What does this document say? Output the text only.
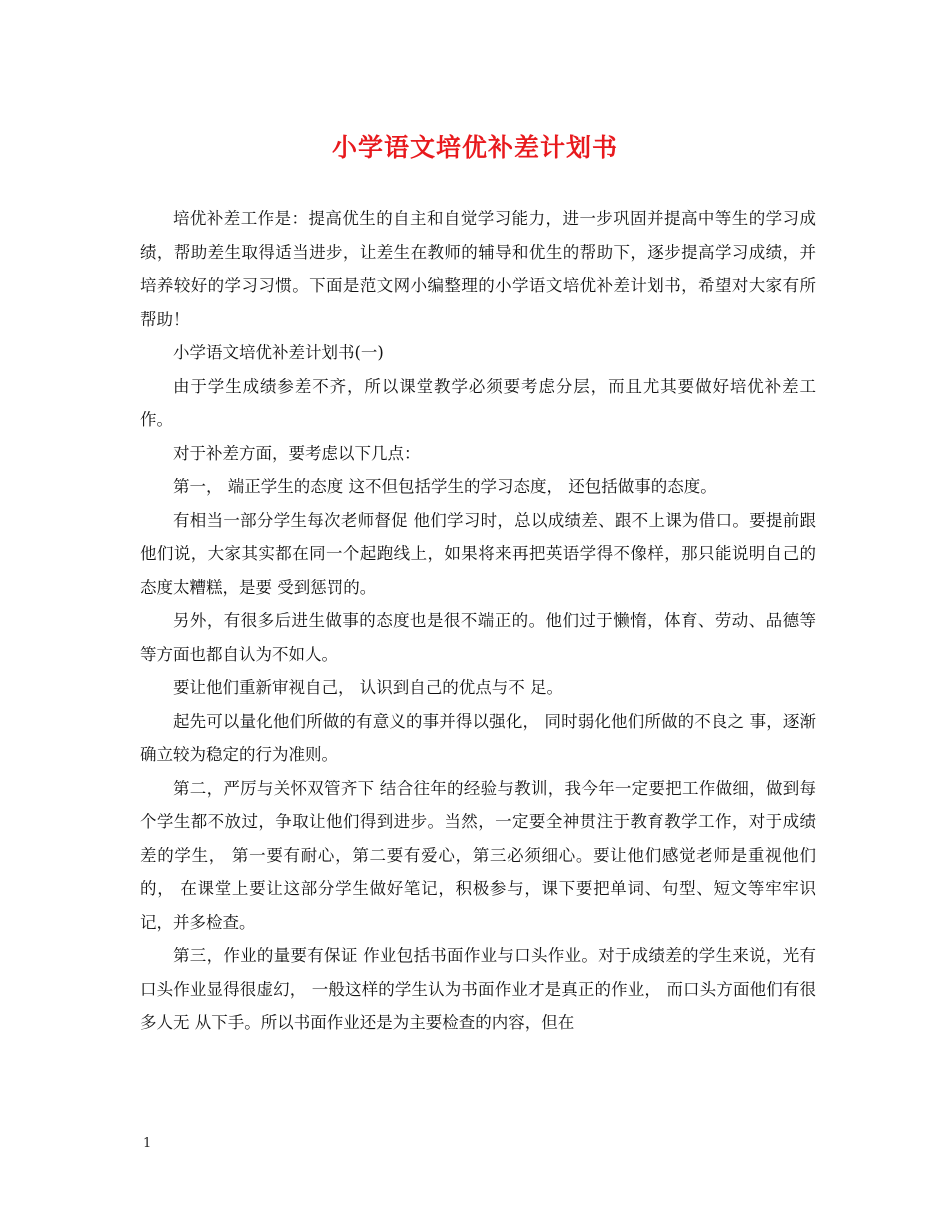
小学语文培优补差计划书

培优补差工作是：提高优生的自主和自觉学习能力，进一步巩固并提高中等生的学习成绩，帮助差生取得适当进步，让差生在教师的辅导和优生的帮助下，逐步提高学习成绩，并培养较好的学习习惯。下面是范文网小编整理的小学语文培优补差计划书，希望对大家有所帮助！

小学语文培优补差计划书(一)

由于学生成绩参差不齐，所以课堂教学必须要考虑分层，而且尤其要做好培优补差工作。

对于补差方面，要考虑以下几点：

第一， 端正学生的态度 这不但包括学生的学习态度， 还包括做事的态度。

有相当一部分学生每次老师督促 他们学习时，总以成绩差、跟不上课为借口。要提前跟他们说，大家其实都在同一个起跑线上，如果将来再把英语学得不像样，那只能说明自己的态度太糟糕，是要 受到惩罚的。

另外，有很多后进生做事的态度也是很不端正的。他们过于懒惰，体育、劳动、品德等等方面也都自认为不如人。

要让他们重新审视自己， 认识到自己的优点与不 足。

起先可以量化他们所做的有意义的事并得以强化， 同时弱化他们所做的不良之 事，逐渐确立较为稳定的行为准则。

第二，严厉与关怀双管齐下 结合往年的经验与教训，我今年一定要把工作做细，做到每个学生都不放过，争取让他们得到进步。当然，一定要全神贯注于教育教学工作，对于成绩差的学生， 第一要有耐心，第二要有爱心，第三必须细心。要让他们感觉老师是重视他们的， 在课堂上要让这部分学生做好笔记，积极参与，课下要把单词、句型、短文等牢牢识记，并多检查。

第三，作业的量要有保证 作业包括书面作业与口头作业。对于成绩差的学生来说，光有口头作业显得很虚幻， 一般这样的学生认为书面作业才是真正的作业， 而口头方面他们有很多人无 从下手。所以书面作业还是为主要检查的内容，但在

1
